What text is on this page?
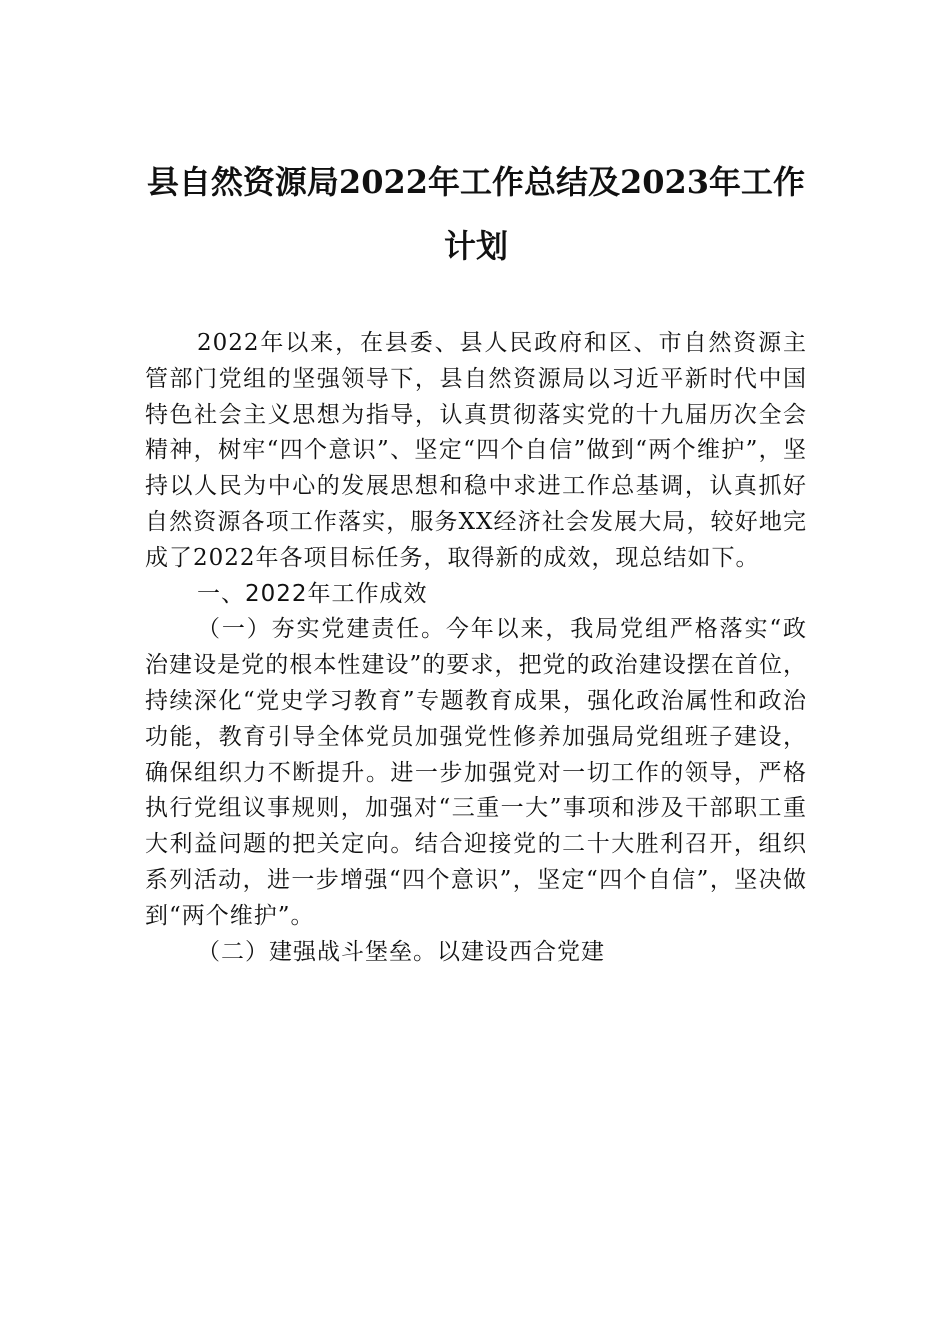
县自然资源局2022年工作总结及2023年工作计划

2022年以来，在县委、县人民政府和区、市自然资源主管部门党组的坚强领导下，县自然资源局以习近平新时代中国特色社会主义思想为指导，认真贯彻落实党的十九届历次全会精神，树牢“四个意识”、坚定“四个自信”做到“两个维护”，坚持以人民为中心的发展思想和稳中求进工作总基调，认真抓好自然资源各项工作落实，服务XX经济社会发展大局，较好地完成了2022年各项目标任务，取得新的成效，现总结如下。

一、2022年工作成效

（一）夯实党建责任。今年以来，我局党组严格落实“政治建设是党的根本性建设”的要求，把党的政治建设摆在首位，持续深化“党史学习教育”专题教育成果，强化政治属性和政治功能，教育引导全体党员加强党性修养加强局党组班子建设，确保组织力不断提升。进一步加强党对一切工作的领导，严格执行党组议事规则，加强对“三重一大”事项和涉及干部职工重大利益问题的把关定向。结合迎接党的二十大胜利召开，组织系列活动，进一步增强“四个意识”，坚定“四个自信”，坚决做到“两个维护”。

（二）建强战斗堡垒。以建设西合党建
